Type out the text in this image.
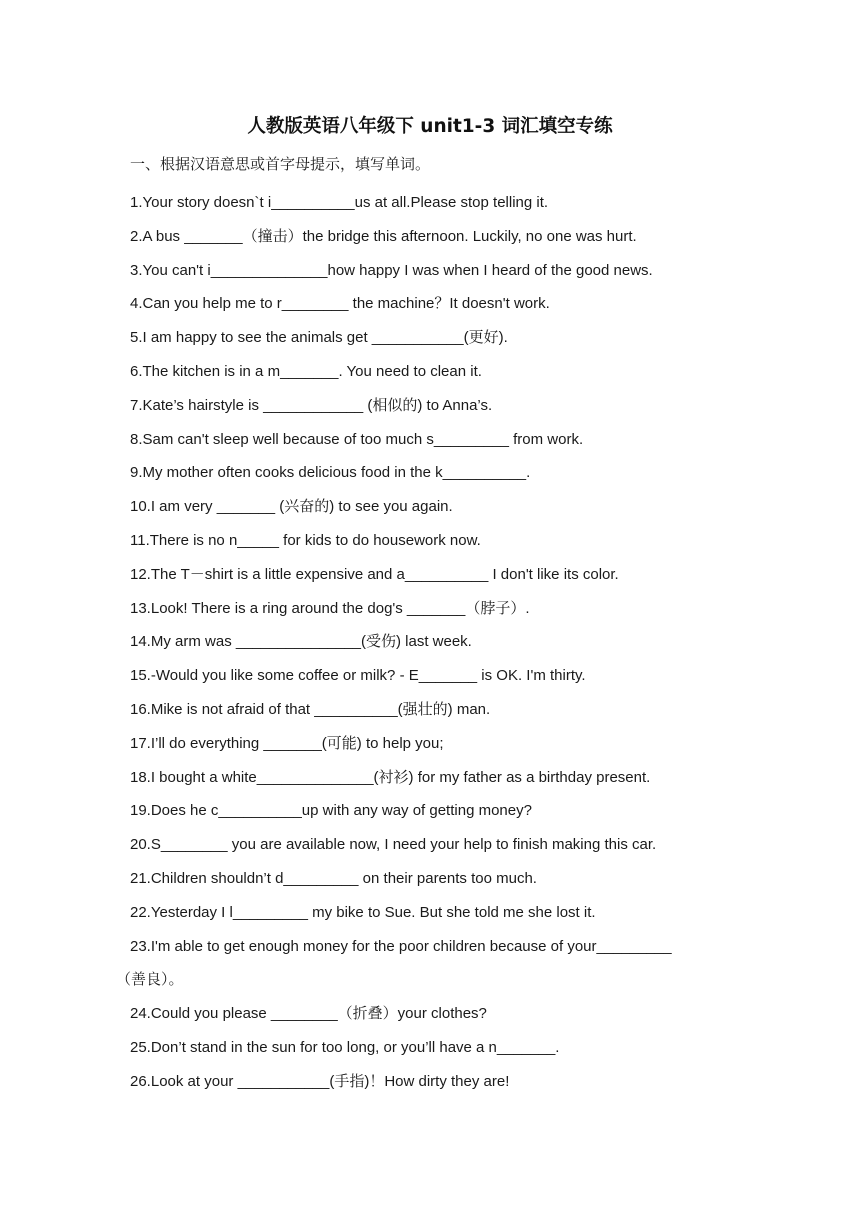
人教版英语八年级下 unit1-3 词汇填空专练
一、根据汉语意思或首字母提示，填写单词。
1.Your story doesn`t i__________us at all.Please stop telling it.
2.A bus _______（撞击）the bridge this afternoon. Luckily, no one was hurt.
3.You can't i______________how happy I was when I heard of the good news.
4.Can you help me to r________ the machine？It doesn't work.
5.I am happy to see the animals get ___________(更好).
6.The kitchen is in a m_______. You need to clean it.
7.Kate’s hairstyle is ____________ (相似的) to Anna’s.
8.Sam can't sleep well because of too much s_________ from work.
9.My mother often cooks delicious food in the k__________.
10.I am very _______ (兴奋的) to see you again.
11.There is no n_____ for kids to do housework now.
12.The T－shirt is a little expensive and a__________ I don't like its color.
13.Look! There is a ring around the dog's _______（脖子）.
14.My arm was _______________(受伤) last week.
15.-Would you like some coffee or milk? - E_______ is OK. I'm thirty.
16.Mike is not afraid of that __________(强壮的) man.
17.I’ll do everything _______(可能) to help you;
18.I bought a white______________(衬衫) for my father as a birthday present.
19.Does he c__________up with any way of getting money?
20.S________ you are available now, I need your help to finish making this car.
21.Children shouldn’t d_________ on their parents too much.
22.Yesterday I l_________ my bike to Sue. But she told me she lost it.
23.I'm able to get enough money for the poor children because of your_________
（善良）。
24.Could you please ________（折叠）your clothes?
25.Don’t stand in the sun for too long, or you’ll have a n_______.
26.Look at your ___________(手指)！How dirty they are!
